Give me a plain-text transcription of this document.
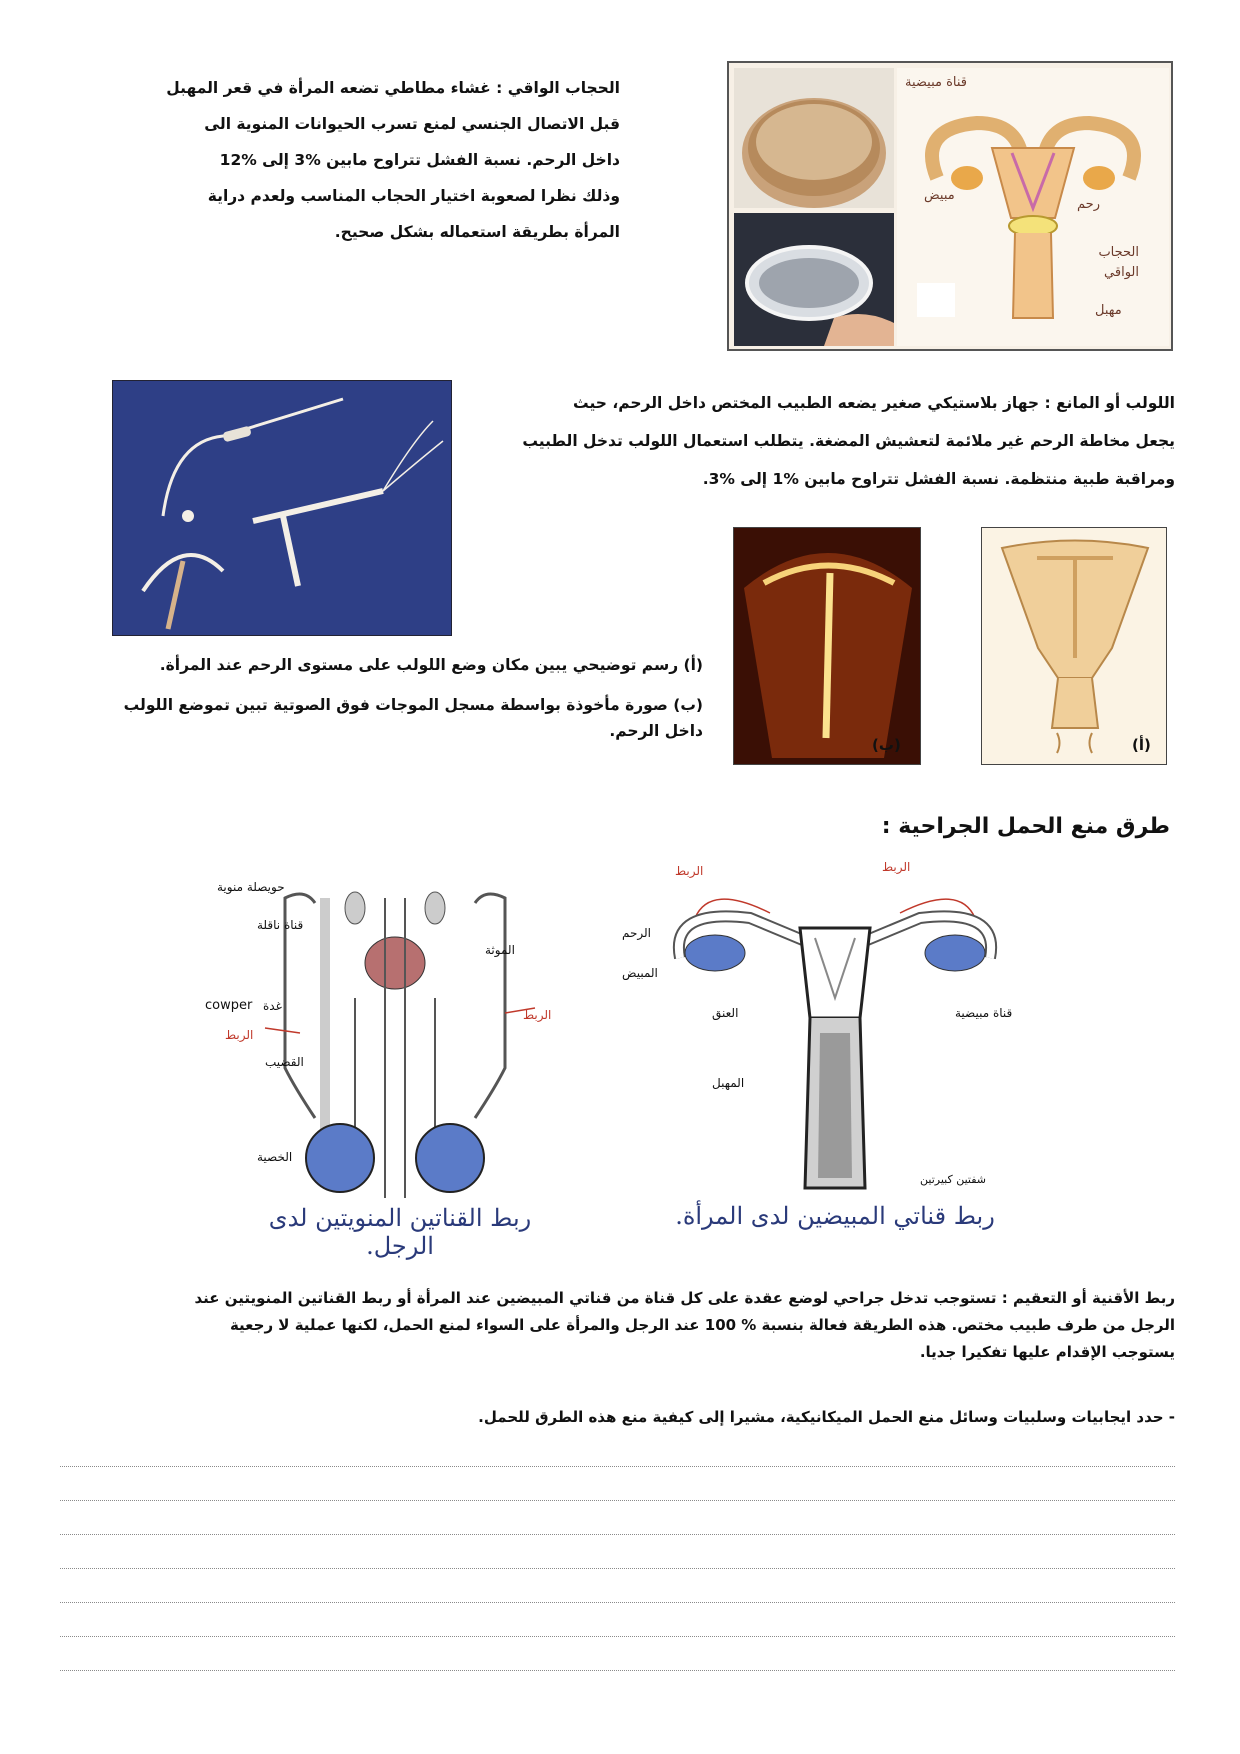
الحجاب الواقي : غشاء مطاطي تضعه المرأة في قعر المهبل

قبل الاتصال الجنسي لمنع تسرب الحيوانات المنوية الى

داخل الرحم. نسبة الفشل تتراوح مابين %3 إلى %12

وذلك نظرا لصعوبة اختيار الحجاب المناسب ولعدم دراية

المرأة بطريقة استعماله بشكل صحيح.

قناة مبيضية
مبيض
رحم
الحجاب الواقي
مهبل

اللولب أو المانع : جهاز بلاستيكي صغير يضعه الطبيب المختص داخل الرحم، حيث

يجعل مخاطة الرحم غير ملائمة لتعشيش المضغة. يتطلب استعمال اللولب تدخل الطبيب

ومراقبة طبية منتظمة. نسبة الفشل تتراوح مابين %1 إلى %3.

(ب)	(أ)

(أ) رسم توضيحي يبين مكان وضع اللولب على مستوى الرحم عند المرأة.

(ب) صورة مأخوذة بواسطة مسجل الموجات فوق الصوتية تبين تموضع اللولب داخل الرحم.

طرق منع الحمل الجراحية :
الربط	الربط
الرحم
المبيض
العنق
المهبل
قناة مبيضية
شفتين كبيرتين
حويصلة منوية
قناة ناقلة
الموثة
cowper غدة
الربط
الربط
القضيب
الخصية
ربط القناتين المنويتين لدى الرجل.
ربط قناتي المبيضين لدى المرأة.

ربط الأقنية أو التعقيم : تستوجب تدخل جراحي لوضع عقدة على كل قناة من قناتي المبيضين عند المرأة أو ربط القناتين المنويتين عند

الرجل من طرف طبيب مختص. هذه الطريقة فعالة بنسبة % 100 عند الرجل والمرأة على السواء لمنع الحمل، لكنها عملية لا رجعية

يستوجب الإقدام عليها تفكيرا جديا.

- حدد ايجابيات وسلبيات وسائل منع الحمل الميكانيكية، مشيرا إلى كيفية منع هذه الطرق للحمل.
